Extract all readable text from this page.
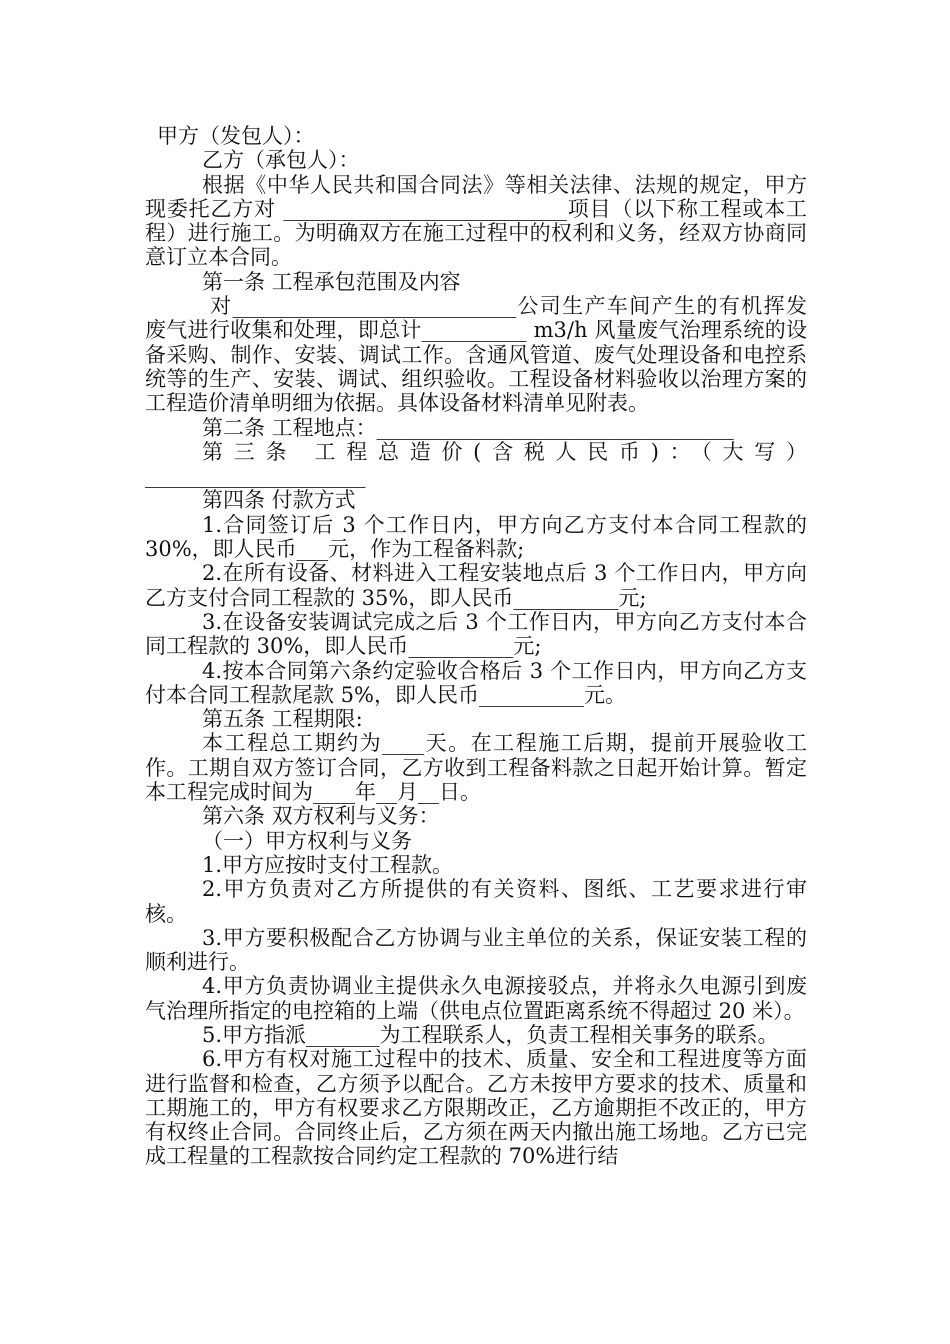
甲方（发包人）：

乙方（承包人）：

根据《中华人民共和国合同法》等相关法律、法规的规定，甲方现委托乙方对 ___________________________项目（以下称工程或本工程）进行施工。为明确双方在施工过程中的权利和义务，经双方协商同意订立本合同。

第一条 工程承包范围及内容

对___________________________公司生产车间产生的有机挥发废气进行收集和处理，即总计__________ m3/h 风量废气治理系统的设备采购、制作、安装、调试工作。含通风管道、废气处理设备和电控系统等的生产、安装、调试、组织验收。工程设备材料验收以治理方案的工程造价清单明细为依据。具体设备材料清单见附表。

第二条 工程地点：__________________________________

第三条 工程总造价(含税人民币)：（大写）_____________________

第四条 付款方式

1.合同签订后 3 个工作日内，甲方向乙方支付本合同工程款的 30%，即人民币___元，作为工程备料款;

2.在所有设备、材料进入工程安装地点后 3 个工作日内，甲方向乙方支付合同工程款的 35%，即人民币__________元;

3.在设备安装调试完成之后 3 个工作日内，甲方向乙方支付本合同工程款的 30%，即人民币__________元;

4.按本合同第六条约定验收合格后 3 个工作日内，甲方向乙方支付本合同工程款尾款 5%，即人民币__________元。

第五条 工程期限:

本工程总工期约为____天。在工程施工后期，提前开展验收工作。工期自双方签订合同，乙方收到工程备料款之日起开始计算。暂定本工程完成时间为____年__月__日。

第六条 双方权利与义务：

（一）甲方权利与义务

1.甲方应按时支付工程款。

2.甲方负责对乙方所提供的有关资料、图纸、工艺要求进行审核。

3.甲方要积极配合乙方协调与业主单位的关系，保证安装工程的顺利进行。

4.甲方负责协调业主提供永久电源接驳点，并将永久电源引到废气治理所指定的电控箱的上端（供电点位置距离系统不得超过 20 米）。

5.甲方指派_______为工程联系人，负责工程相关事务的联系。

6.甲方有权对施工过程中的技术、质量、安全和工程进度等方面进行监督和检查，乙方须予以配合。乙方未按甲方要求的技术、质量和工期施工的，甲方有权要求乙方限期改正，乙方逾期拒不改正的，甲方有权终止合同。合同终止后，乙方须在两天内撤出施工场地。乙方已完成工程量的工程款按合同约定工程款的 70%进行结
